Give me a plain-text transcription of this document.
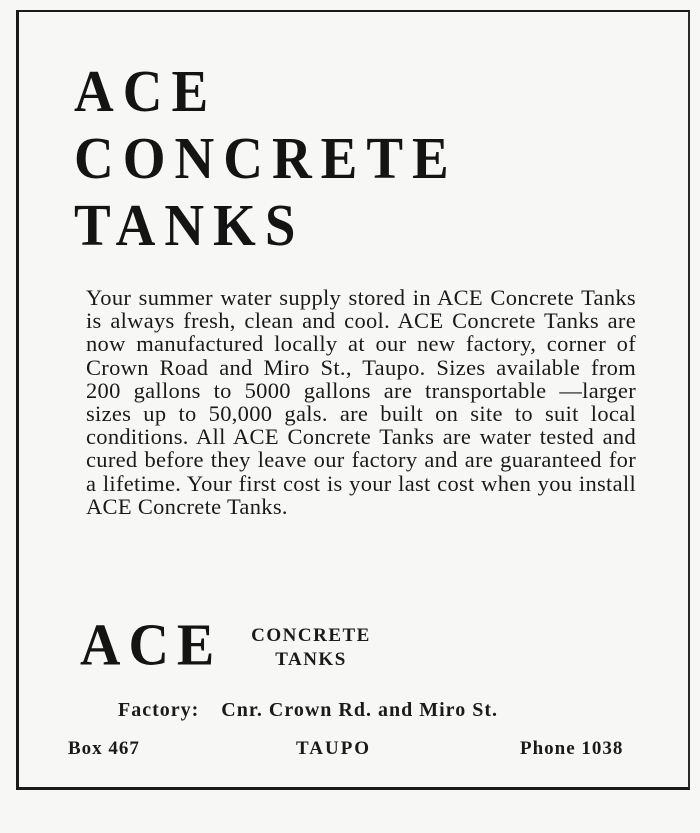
ACE
CONCRETE
TANKS

Your summer water supply stored in ACE Concrete Tanks is always fresh, clean and cool. ACE Concrete Tanks are now manufactured locally at our new factory, corner of Crown Road and Miro St., Taupo. Sizes available from 200 gallons to 5000 gallons are transportable —larger sizes up to 50,000 gals. are built on site to suit local conditions. All ACE Concrete Tanks are water tested and cured before they leave our factory and are guaranteed for a lifetime. Your first cost is your last cost when you install ACE Concrete Tanks.

ACE	CONCRETE
TANKS
Factory: Cnr. Crown Rd. and Miro St.
Box 467	TAUPO	Phone 1038
